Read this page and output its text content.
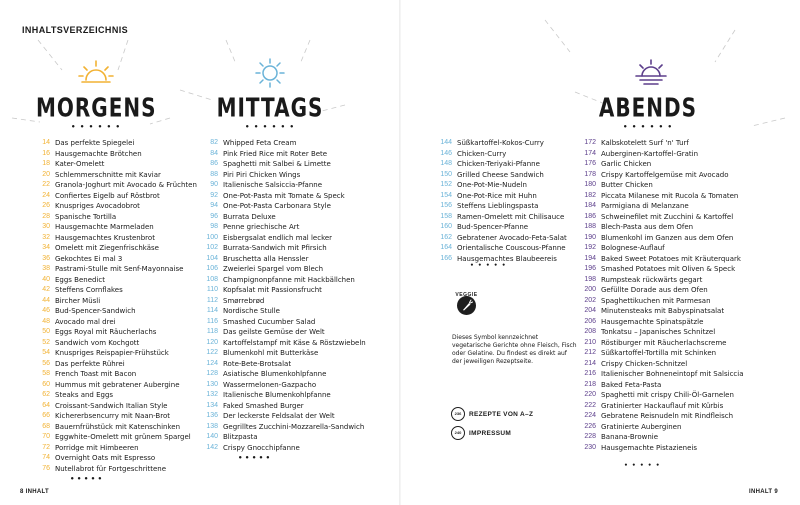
INHALTSVERZEICHNIS
MORGENS
• • • • • •
14 Das perfekte Spiegelei
16 Hausgemachte Brötchen
18 Kater-Omelett
20 Schlemmerschnitte mit Kaviar
22 Granola-Joghurt mit Avocado & Früchten
24 Confiertes Eigelb auf Röstbrot
26 Knuspriges Avocadobrot
28 Spanische Tortilla
30 Hausgemachte Marmeladen
32 Hausgemachtes Krustenbrot
34 Omelett mit Ziegenfrischkäse
36 Gekochtes Ei mal 3
38 Pastrami-Stulle mit Senf-Mayonnaise
40 Eggs Benedict
42 Steffens Cornflakes
44 Bircher Müsli
46 Bud-Spencer-Sandwich
48 Avocado mal drei
50 Eggs Royal mit Räucherlachs
52 Sandwich vom Kochgott
54 Knuspriges Reispapier-Frühstück
56 Das perfekte Rührei
58 French Toast mit Bacon
60 Hummus mit gebratener Aubergine
62 Steaks and Eggs
64 Croissant-Sandwich Italian Style
66 Kichererbsencurry mit Naan-Brot
68 Bauernfrühstück mit Katenschinken
70 Eggwhite-Omelett mit grünem Spargel
72 Porridge mit Himbeeren
74 Overnight Oats mit Espresso
76 Nutellabrot für Fortgeschrittene
• • • • •
MITTAGS
• • • • • •
82 Whipped Feta Cream
84 Pink Fried Rice mit Roter Bete
86 Spaghetti mit Salbei & Limette
88 Piri Piri Chicken Wings
90 Italienische Salsiccia-Pfanne
92 One-Pot-Pasta mit Tomate & Speck
94 One-Pot-Pasta Carbonara Style
96 Burrata Deluxe
98 Penne griechische Art
100 Eisbergsalat endlich mal lecker
102 Burrata-Sandwich mit Pfirsich
104 Bruschetta alla Henssler
106 Zweierlei Spargel vom Blech
108 Champignonpfanne mit Hackbällchen
110 Kopfsalat mit Passionsfrucht
112 Smørrebrød
114 Nordische Stulle
116 Smashed Cucumber Salad
118 Das geilste Gemüse der Welt
120 Kartoffelstampf mit Käse & Röstzwiebeln
122 Blumenkohl mit Butterkäse
124 Rote-Bete-Brotsalat
128 Asiatische Blumenkohlpfanne
130 Wassermelonen-Gazpacho
132 Italienische Blumenkohlpfanne
134 Faked Smashed Burger
136 Der leckerste Feldsalat der Welt
138 Gegrilltes Zucchini-Mozzarella-Sandwich
140 Blitzpasta
142 Crispy Gnocchipfanne
• • • • •
144 Süßkartoffel-Kokos-Curry
146 Chicken-Curry
148 Chicken-Teriyaki-Pfanne
150 Grilled Cheese Sandwich
152 One-Pot-Mie-Nudeln
154 One-Pot-Rice mit Huhn
156 Steffens Lieblingspasta
158 Ramen-Omelett mit Chilisauce
160 Bud-Spencer-Pfanne
162 Gebratener Avocado-Feta-Salat
164 Orientalische Couscous-Pfanne
166 Hausgemachtes Blaubeereis
• • • • •
VEGGIE
Dieses Symbol kennzeichnet vegetarische Gerichte ohne Fleisch, Fisch oder Gelatine. Du findest es direkt auf der jeweiligen Rezeptseite.
236	REZEPTE VON A–Z
240	IMPRESSUM
ABENDS
• • • • • •
172 Kalbskotelett Surf 'n' Turf
174 Auberginen-Kartoffel-Gratin
176 Garlic Chicken
178 Crispy Kartoffelgemüse mit Avocado
180 Butter Chicken
182 Piccata Milanese mit Rucola & Tomaten
184 Parmigiana di Melanzane
186 Schweinefilet mit Zucchini & Kartoffel
188 Blech-Pasta aus dem Ofen
190 Blumenkohl im Ganzen aus dem Ofen
192 Bolognese-Auflauf
194 Baked Sweet Potatoes mit Kräuterquark
196 Smashed Potatoes mit Oliven & Speck
198 Rumpsteak rückwärts gegart
200 Gefüllte Dorade aus dem Ofen
202 Spaghettikuchen mit Parmesan
204 Minutensteaks mit Babyspinatsalat
206 Hausgemachte Spinatspätzle
208 Tonkatsu – Japanisches Schnitzel
210 Röstiburger mit Räucherlachscreme
212 Süßkartoffel-Tortilla mit Schinken
214 Crispy Chicken-Schnitzel
216 Italienischer Bohneneintopf mit Salsiccia
218 Baked Feta-Pasta
220 Spaghetti mit crispy Chili-Öl-Garnelen
222 Gratinierter Hackauflauf mit Kürbis
224 Gebratene Reisnudeln mit Rindfleisch
226 Gratinierte Auberginen
228 Banana-Brownie
230 Hausgemachte Pistazieneis
• • • • •
8 INHALT	INHALT 9
